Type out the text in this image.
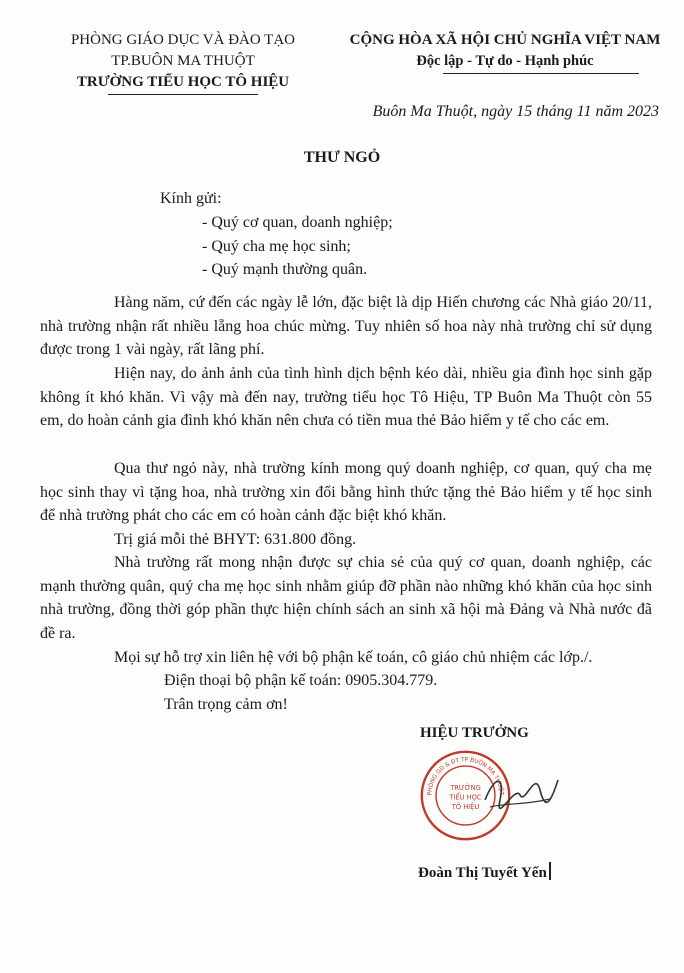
PHÒNG GIÁO DỤC VÀ ĐÀO TẠO
TP.BUÔN MA THUỘT
TRƯỜNG TIỂU HỌC TÔ HIỆU
CỘNG HÒA XÃ HỘI CHỦ NGHĨA VIỆT NAM
Độc lập - Tự do - Hạnh phúc
Buôn Ma Thuột, ngày 15 tháng 11 năm 2023
THƯ NGỎ
Kính gửi:
- Quý cơ quan, doanh nghiệp;
- Quý cha mẹ học sinh;
- Quý mạnh thường quân.

Hàng năm, cứ đến các ngày lễ lớn, đặc biệt là dịp Hiến chương các Nhà giáo 20/11, nhà trường nhận rất nhiều lẵng hoa chúc mừng. Tuy nhiên số hoa này nhà trường chỉ sử dụng được trong 1 vài ngày, rất lãng phí.

Hiện nay, do ảnh ảnh của tình hình dịch bệnh kéo dài, nhiều gia đình học sinh gặp không ít khó khăn. Vì vậy mà đến nay, trường tiểu học Tô Hiệu, TP Buôn Ma Thuột còn 55 em, do hoàn cảnh gia đình khó khăn nên chưa có tiền mua thẻ Bảo hiểm y tế cho các em.

Qua thư ngỏ này, nhà trường kính mong quý doanh nghiệp, cơ quan, quý cha mẹ học sinh thay vì tặng hoa, nhà trường xin đổi bằng hình thức tặng thẻ Bảo hiểm y tế học sinh để nhà trường phát cho các em có hoàn cảnh đặc biệt khó khăn.

Trị giá mỗi thẻ BHYT: 631.800 đồng.

Nhà trường rất mong nhận được sự chia sẻ của quý cơ quan, doanh nghiệp, các mạnh thường quân, quý cha mẹ học sinh nhằm giúp đỡ phần nào những khó khăn của học sinh nhà trường, đồng thời góp phần thực hiện chính sách an sinh xã hội mà Đảng và Nhà nước đã đề ra.

Mọi sự hỗ trợ xin liên hệ với bộ phận kế toán, cô giáo chủ nhiệm các lớp./.
Điện thoại bộ phận kế toán: 0905.304.779.
Trân trọng cảm ơn!
HIỆU TRƯỞNG
TRƯỜNG
TIỂU HỌC
TÔ HIỆU
PHÒNG GD & ĐT TP BUÔN MA THUỘT
Đoàn Thị Tuyết Yến
